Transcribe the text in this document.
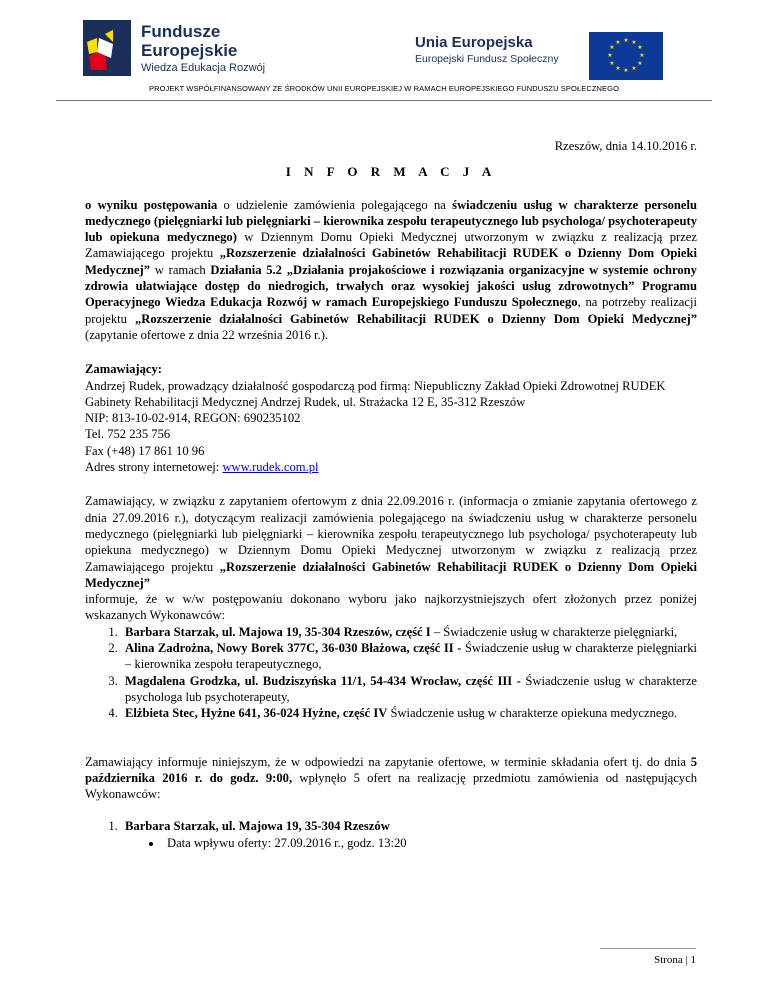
Fundusze
Europejskie
Wiedza Edukacja Rozwój
Unia Europejska
Europejski Fundusz Społeczny
★ ★
★
★
★
★
★
★
★
★
★
★
PROJEKT WSPÓŁFINANSOWANY ZE ŚRODKÓW UNII EUROPEJSKIEJ W RAMACH EUROPEJSKIEGO FUNDUSZU SPOŁECZNEGO
Rzeszów, dnia 14.10.2016 r.
I N F O R M A C J A

o wyniku postępowania o udzielenie zamówienia polegającego na świadczeniu usług w charakterze personelu medycznego (pielęgniarki lub pielęgniarki – kierownika zespołu terapeutycznego lub psychologa/ psychoterapeuty lub opiekuna medycznego) w Dziennym Domu Opieki Medycznej utworzonym w związku z realizacją przez Zamawiającego projektu „Rozszerzenie działalności Gabinetów Rehabilitacji RUDEK o Dzienny Dom Opieki Medycznej” w ramach Działania 5.2 „Działania projakościowe i rozwiązania organizacyjne w systemie ochrony zdrowia ułatwiające dostęp do niedrogich, trwałych oraz wysokiej jakości usług zdrowotnych” Programu Operacyjnego Wiedza Edukacja Rozwój w ramach Europejskiego Funduszu Społecznego, na potrzeby realizacji projektu „Rozszerzenie działalności Gabinetów Rehabilitacji RUDEK o Dzienny Dom Opieki Medycznej” (zapytanie ofertowe z dnia 22 września 2016 r.).

Zamawiający:
Andrzej Rudek, prowadzący działalność gospodarczą pod firmą: Niepubliczny Zakład Opieki Zdrowotnej RUDEK Gabinety Rehabilitacji Medycznej Andrzej Rudek, ul. Strażacka 12 E, 35-312 Rzeszów
NIP: 813-10-02-914, REGON: 690235102
Tel. 752 235 756
Fax (+48) 17 861 10 96
Adres strony internetowej: www.rudek.com.pl

Zamawiający, w związku z zapytaniem ofertowym z dnia 22.09.2016 r. (informacja o zmianie zapytania ofertowego z dnia 27.09.2016 r.), dotyczącym realizacji zamówienia polegającego na świadczeniu usług w charakterze personelu medycznego (pielęgniarki lub pielęgniarki – kierownika zespołu terapeutycznego lub psychologa/ psychoterapeuty lub opiekuna medycznego) w Dziennym Domu Opieki Medycznej utworzonym w związku z realizacją przez Zamawiającego projektu „Rozszerzenie działalności Gabinetów Rehabilitacji RUDEK o Dzienny Dom Opieki Medycznej”
informuje, że w w/w postępowaniu dokonano wyboru jako najkorzystniejszych ofert złożonych przez poniżej wskazanych Wykonawców:

1. Barbara Starzak, ul. Majowa 19, 35-304 Rzeszów, część I – Świadczenie usług w charakterze pielęgniarki,
2. Alina Zadrożna, Nowy Borek 377C, 36-030 Błażowa, część II - Świadczenie usług w charakterze pielęgniarki – kierownika zespołu terapeutycznego,
3. Magdalena Grodzka, ul. Budziszyńska 11/1, 54-434 Wrocław, część III - Świadczenie usług w charakterze psychologa lub psychoterapeuty,
4. Elżbieta Stec, Hyżne 641, 36-024 Hyżne, część IV Świadczenie usług w charakterze opiekuna medycznego.

Zamawiający informuje niniejszym, że w odpowiedzi na zapytanie ofertowe, w terminie składania ofert tj. do dnia 5 października 2016 r. do godz. 9:00, wpłynęło 5 ofert na realizację przedmiotu zamówienia od następujących Wykonawców:

1. Barbara Starzak, ul. Majowa 19, 35-304 Rzeszów
• Data wpływu oferty: 27.09.2016 r., godz. 13:20
Strona | 1
